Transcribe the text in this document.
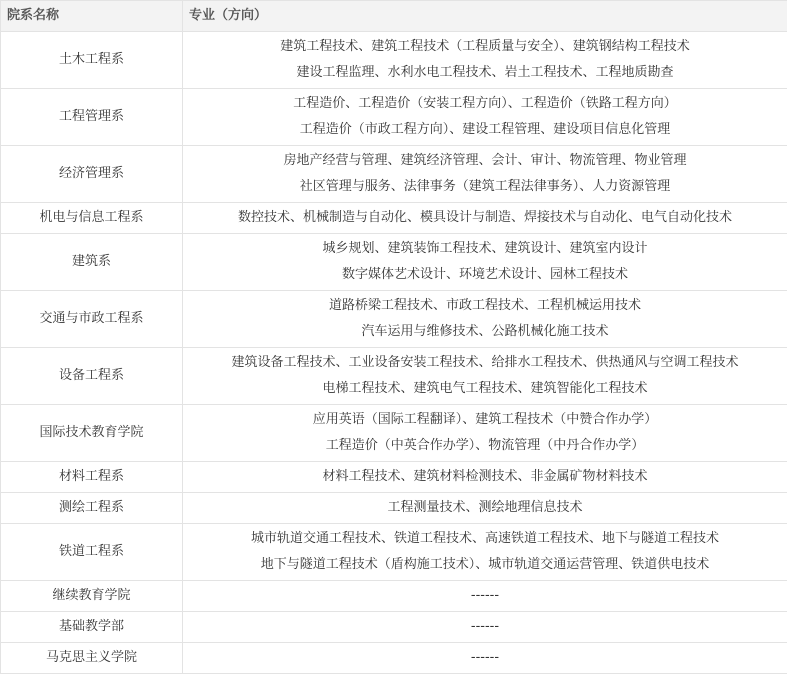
院系名称	专业（方向）
土木工程系	建筑工程技术、建筑工程技术（工程质量与安全）、建筑钢结构工程技术
建设工程监理、水利水电工程技术、岩土工程技术、工程地质勘查

工程管理系	工程造价、工程造价（安装工程方向）、工程造价（铁路工程方向）
工程造价（市政工程方向）、建设工程管理、建设项目信息化管理

经济管理系	房地产经营与管理、建筑经济管理、会计、审计、物流管理、物业管理
社区管理与服务、法律事务（建筑工程法律事务）、人力资源管理

机电与信息工程系	数控技术、机械制造与自动化、模具设计与制造、焊接技术与自动化、电气自动化技术

建筑系	城乡规划、建筑装饰工程技术、建筑设计、建筑室内设计
数字媒体艺术设计、环境艺术设计、园林工程技术

交通与市政工程系	道路桥梁工程技术、市政工程技术、工程机械运用技术
汽车运用与维修技术、公路机械化施工技术

设备工程系	建筑设备工程技术、工业设备安装工程技术、给排水工程技术、供热通风与空调工程技术
电梯工程技术、建筑电气工程技术、建筑智能化工程技术

国际技术教育学院	应用英语（国际工程翻译）、建筑工程技术（中赞合作办学）
工程造价（中英合作办学）、物流管理（中丹合作办学）

材料工程系	材料工程技术、建筑材料检测技术、非金属矿物材料技术

测绘工程系	工程测量技术、测绘地理信息技术

铁道工程系	城市轨道交通工程技术、铁道工程技术、高速铁道工程技术、地下与隧道工程技术
地下与隧道工程技术（盾构施工技术）、城市轨道交通运营管理、铁道供电技术

继续教育学院	------

基础教学部	------

马克思主义学院	------
